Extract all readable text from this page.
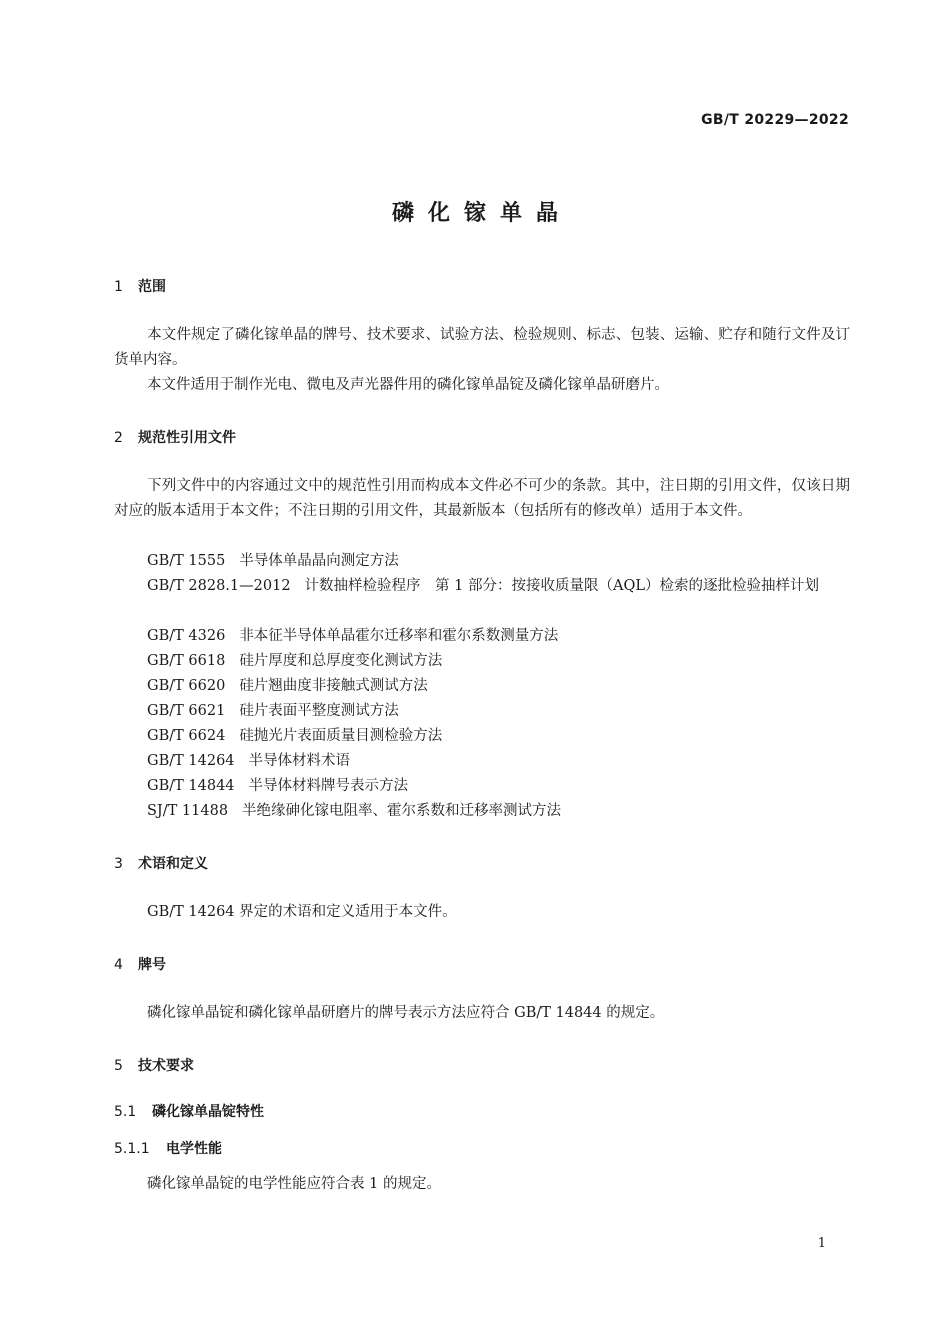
GB/T 20229—2022
磷化镓单晶
1 范围
本文件规定了磷化镓单晶的牌号、技术要求、试验方法、检验规则、标志、包装、运输、贮存和随行文件及订货单内容。
本文件适用于制作光电、微电及声光器件用的磷化镓单晶锭及磷化镓单晶研磨片。
2 规范性引用文件
下列文件中的内容通过文中的规范性引用而构成本文件必不可少的条款。其中，注日期的引用文件，仅该日期对应的版本适用于本文件；不注日期的引用文件，其最新版本（包括所有的修改单）适用于本文件。
GB/T 1555 半导体单晶晶向测定方法
GB/T 2828.1—2012 计数抽样检验程序　第 1 部分：按接收质量限（AQL）检索的逐批检验抽样计划
GB/T 4326 非本征半导体单晶霍尔迁移率和霍尔系数测量方法
GB/T 6618 硅片厚度和总厚度变化测试方法
GB/T 6620 硅片翘曲度非接触式测试方法
GB/T 6621 硅片表面平整度测试方法
GB/T 6624 硅抛光片表面质量目测检验方法
GB/T 14264 半导体材料术语
GB/T 14844 半导体材料牌号表示方法
SJ/T 11488 半绝缘砷化镓电阻率、霍尔系数和迁移率测试方法
3 术语和定义
GB/T 14264 界定的术语和定义适用于本文件。
4 牌号
磷化镓单晶锭和磷化镓单晶研磨片的牌号表示方法应符合 GB/T 14844 的规定。
5 技术要求
5.1 磷化镓单晶锭特性
5.1.1 电学性能
磷化镓单晶锭的电学性能应符合表 1 的规定。
1
